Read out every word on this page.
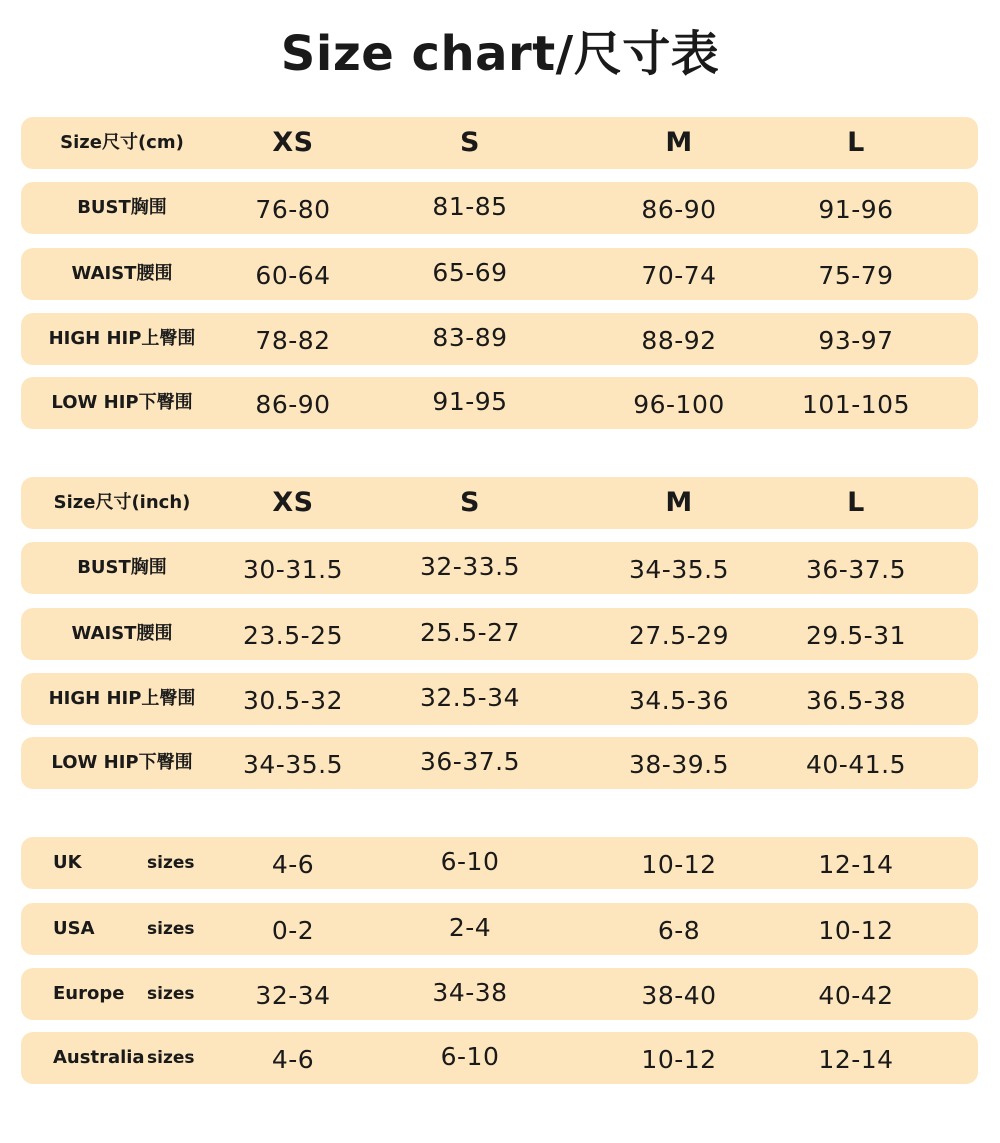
Size chart/尺寸表
Size尺寸(cm)	XS	S	M	L
BUST胸围	76-80	81-85	86-90	91-96
WAIST腰围	60-64	65-69	70-74	75-79
HIGH HIP上臀围	78-82	83-89	88-92	93-97
LOW HIP下臀围	86-90	91-95	96-100	101-105
Size尺寸(inch)	XS	S	M	L
BUST胸围	30-31.5	32-33.5	34-35.5	36-37.5
WAIST腰围	23.5-25	25.5-27	27.5-29	29.5-31
HIGH HIP上臀围	30.5-32	32.5-34	34.5-36	36.5-38
LOW HIP下臀围	34-35.5	36-37.5	38-39.5	40-41.5
UK	sizes	4-6	6-10	10-12	12-14
USA	sizes	0-2	2-4	6-8	10-12
Europe sizes	32-34	34-38	38-40	40-42
Australia sizes	4-6	6-10	10-12	12-14
